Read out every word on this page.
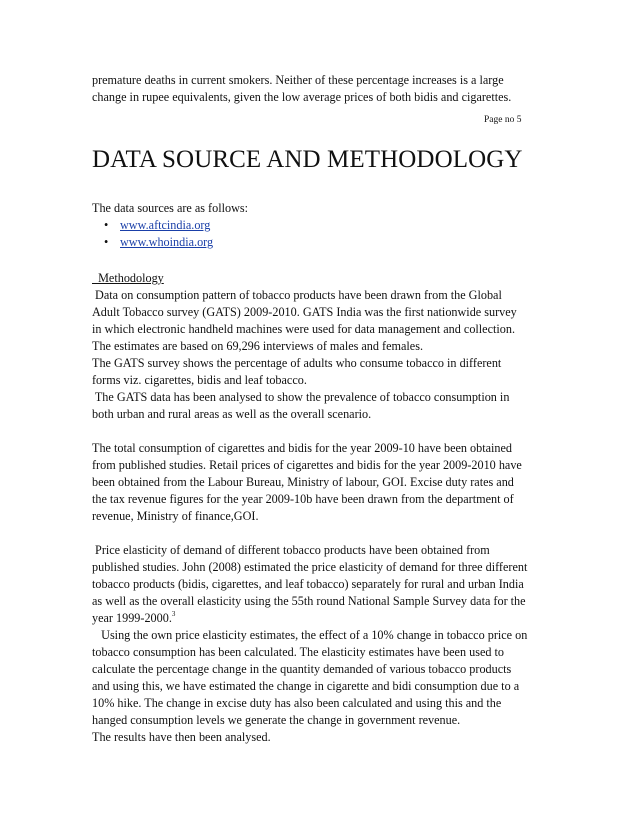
premature deaths in current smokers. Neither of these percentage increases is a large
change in rupee equivalents, given the low average prices of both bidis and cigarettes.
Page no 5
DATA SOURCE AND METHODOLOGY
The data sources are as follows:
• www.aftcindia.org
• www.whoindia.org
Methodology
Data on consumption pattern of tobacco products have been drawn from the Global
Adult Tobacco survey (GATS) 2009-2010. GATS India was the first nationwide survey
in which electronic handheld machines were used for data management and collection.
The estimates are based on 69,296 interviews of males and females.
The GATS survey shows the percentage of adults who consume tobacco in different
forms viz. cigarettes, bidis and leaf tobacco.
The GATS data has been analysed to show the prevalence of tobacco consumption in
both urban and rural areas as well as the overall scenario.
The total consumption of cigarettes and bidis for the year 2009-10 have been obtained
from published studies. Retail prices of cigarettes and bidis for the year 2009-2010 have
been obtained from the Labour Bureau, Ministry of labour, GOI. Excise duty rates and
the tax revenue figures for the year 2009-10b have been drawn from the department of
revenue, Ministry of finance,GOI.
Price elasticity of demand of different tobacco products have been obtained from
published studies. John (2008) estimated the price elasticity of demand for three different
tobacco products (bidis, cigarettes, and leaf tobacco) separately for rural and urban India
as well as the overall elasticity using the 55th round National Sample Survey data for the
year 1999-2000.$^3$
Using the own price elasticity estimates, the effect of a 10% change in tobacco price on
tobacco consumption has been calculated. The elasticity estimates have been used to
calculate the percentage change in the quantity demanded of various tobacco products
and using this, we have estimated the change in cigarette and bidi consumption due to a
10% hike. The change in excise duty has also been calculated and using this and the
hanged consumption levels we generate the change in government revenue.
The results have then been analysed.
